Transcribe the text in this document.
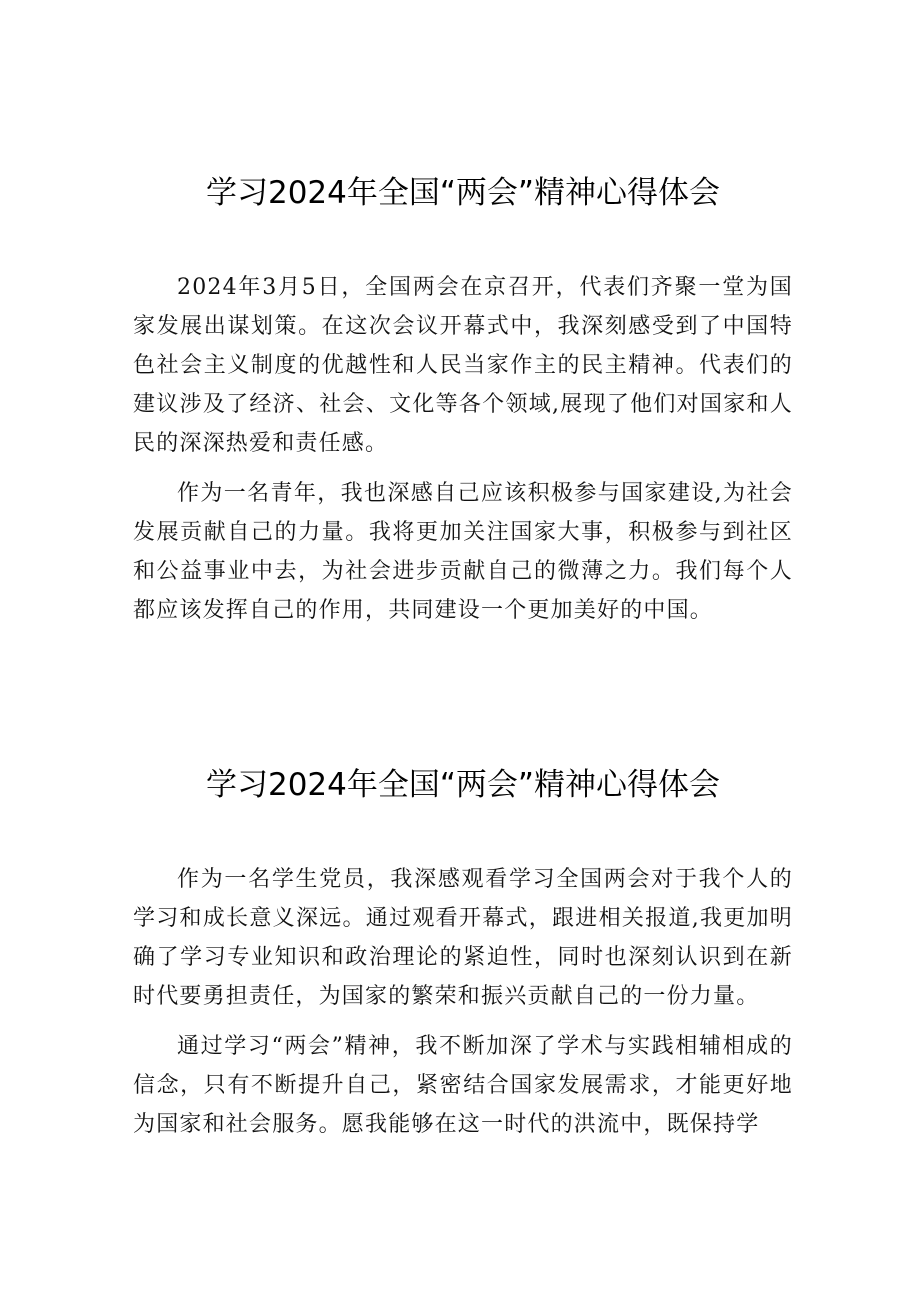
学习2024年全国“两会”精神心得体会

2024年3月5日，全国两会在京召开，代表们齐聚一堂为国家发展出谋划策。在这次会议开幕式中，我深刻感受到了中国特色社会主义制度的优越性和人民当家作主的民主精神。代表们的建议涉及了经济、社会、文化等各个领域,展现了他们对国家和人民的深深热爱和责任感。

作为一名青年，我也深感自己应该积极参与国家建设,为社会发展贡献自己的力量。我将更加关注国家大事，积极参与到社区和公益事业中去，为社会进步贡献自己的微薄之力。我们每个人都应该发挥自己的作用，共同建设一个更加美好的中国。

学习2024年全国“两会”精神心得体会

作为一名学生党员，我深感观看学习全国两会对于我个人的学习和成长意义深远。通过观看开幕式，跟进相关报道,我更加明确了学习专业知识和政治理论的紧迫性，同时也深刻认识到在新时代要勇担责任，为国家的繁荣和振兴贡献自己的一份力量。

通过学习“两会”精神，我不断加深了学术与实践相辅相成的信念，只有不断提升自己，紧密结合国家发展需求，才能更好地为国家和社会服务。愿我能够在这一时代的洪流中，既保持学
